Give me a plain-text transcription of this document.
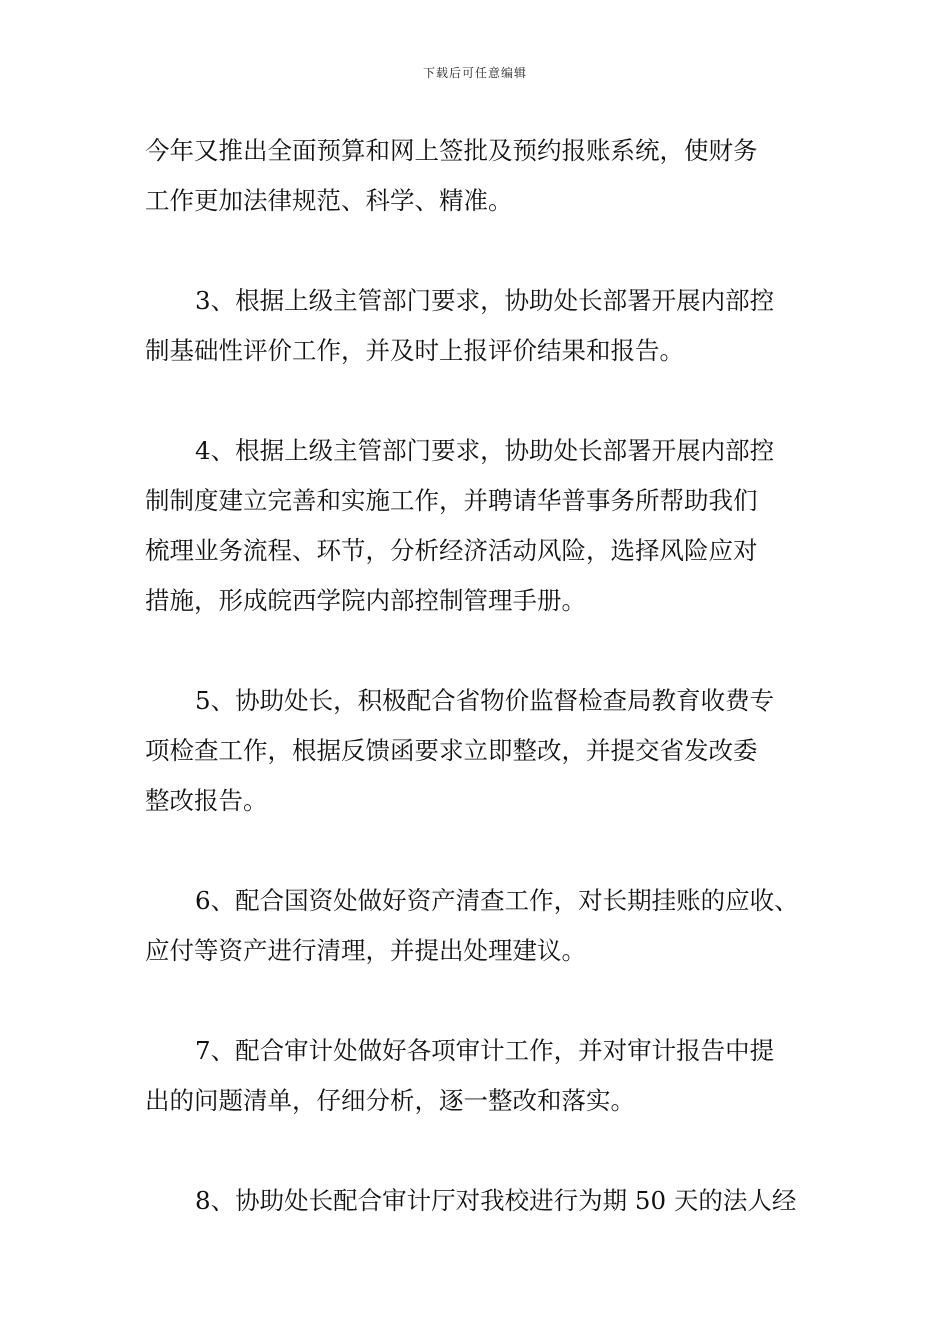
下载后可任意编辑
今年又推出全面预算和网上签批及预约报账系统，使财务
工作更加法律规范、科学、精准。
3、根据上级主管部门要求，协助处长部署开展内部控
制基础性评价工作，并及时上报评价结果和报告。
4、根据上级主管部门要求，协助处长部署开展内部控
制制度建立完善和实施工作，并聘请华普事务所帮助我们
梳理业务流程、环节，分析经济活动风险，选择风险应对
措施，形成皖西学院内部控制管理手册。
5、协助处长，积极配合省物价监督检查局教育收费专
项检查工作，根据反馈函要求立即整改，并提交省发改委
整改报告。
6、配合国资处做好资产清查工作，对长期挂账的应收、
应付等资产进行清理，并提出处理建议。
7、配合审计处做好各项审计工作，并对审计报告中提
出的问题清单，仔细分析，逐一整改和落实。
8、协助处长配合审计厅对我校进行为期 50 天的法人经
